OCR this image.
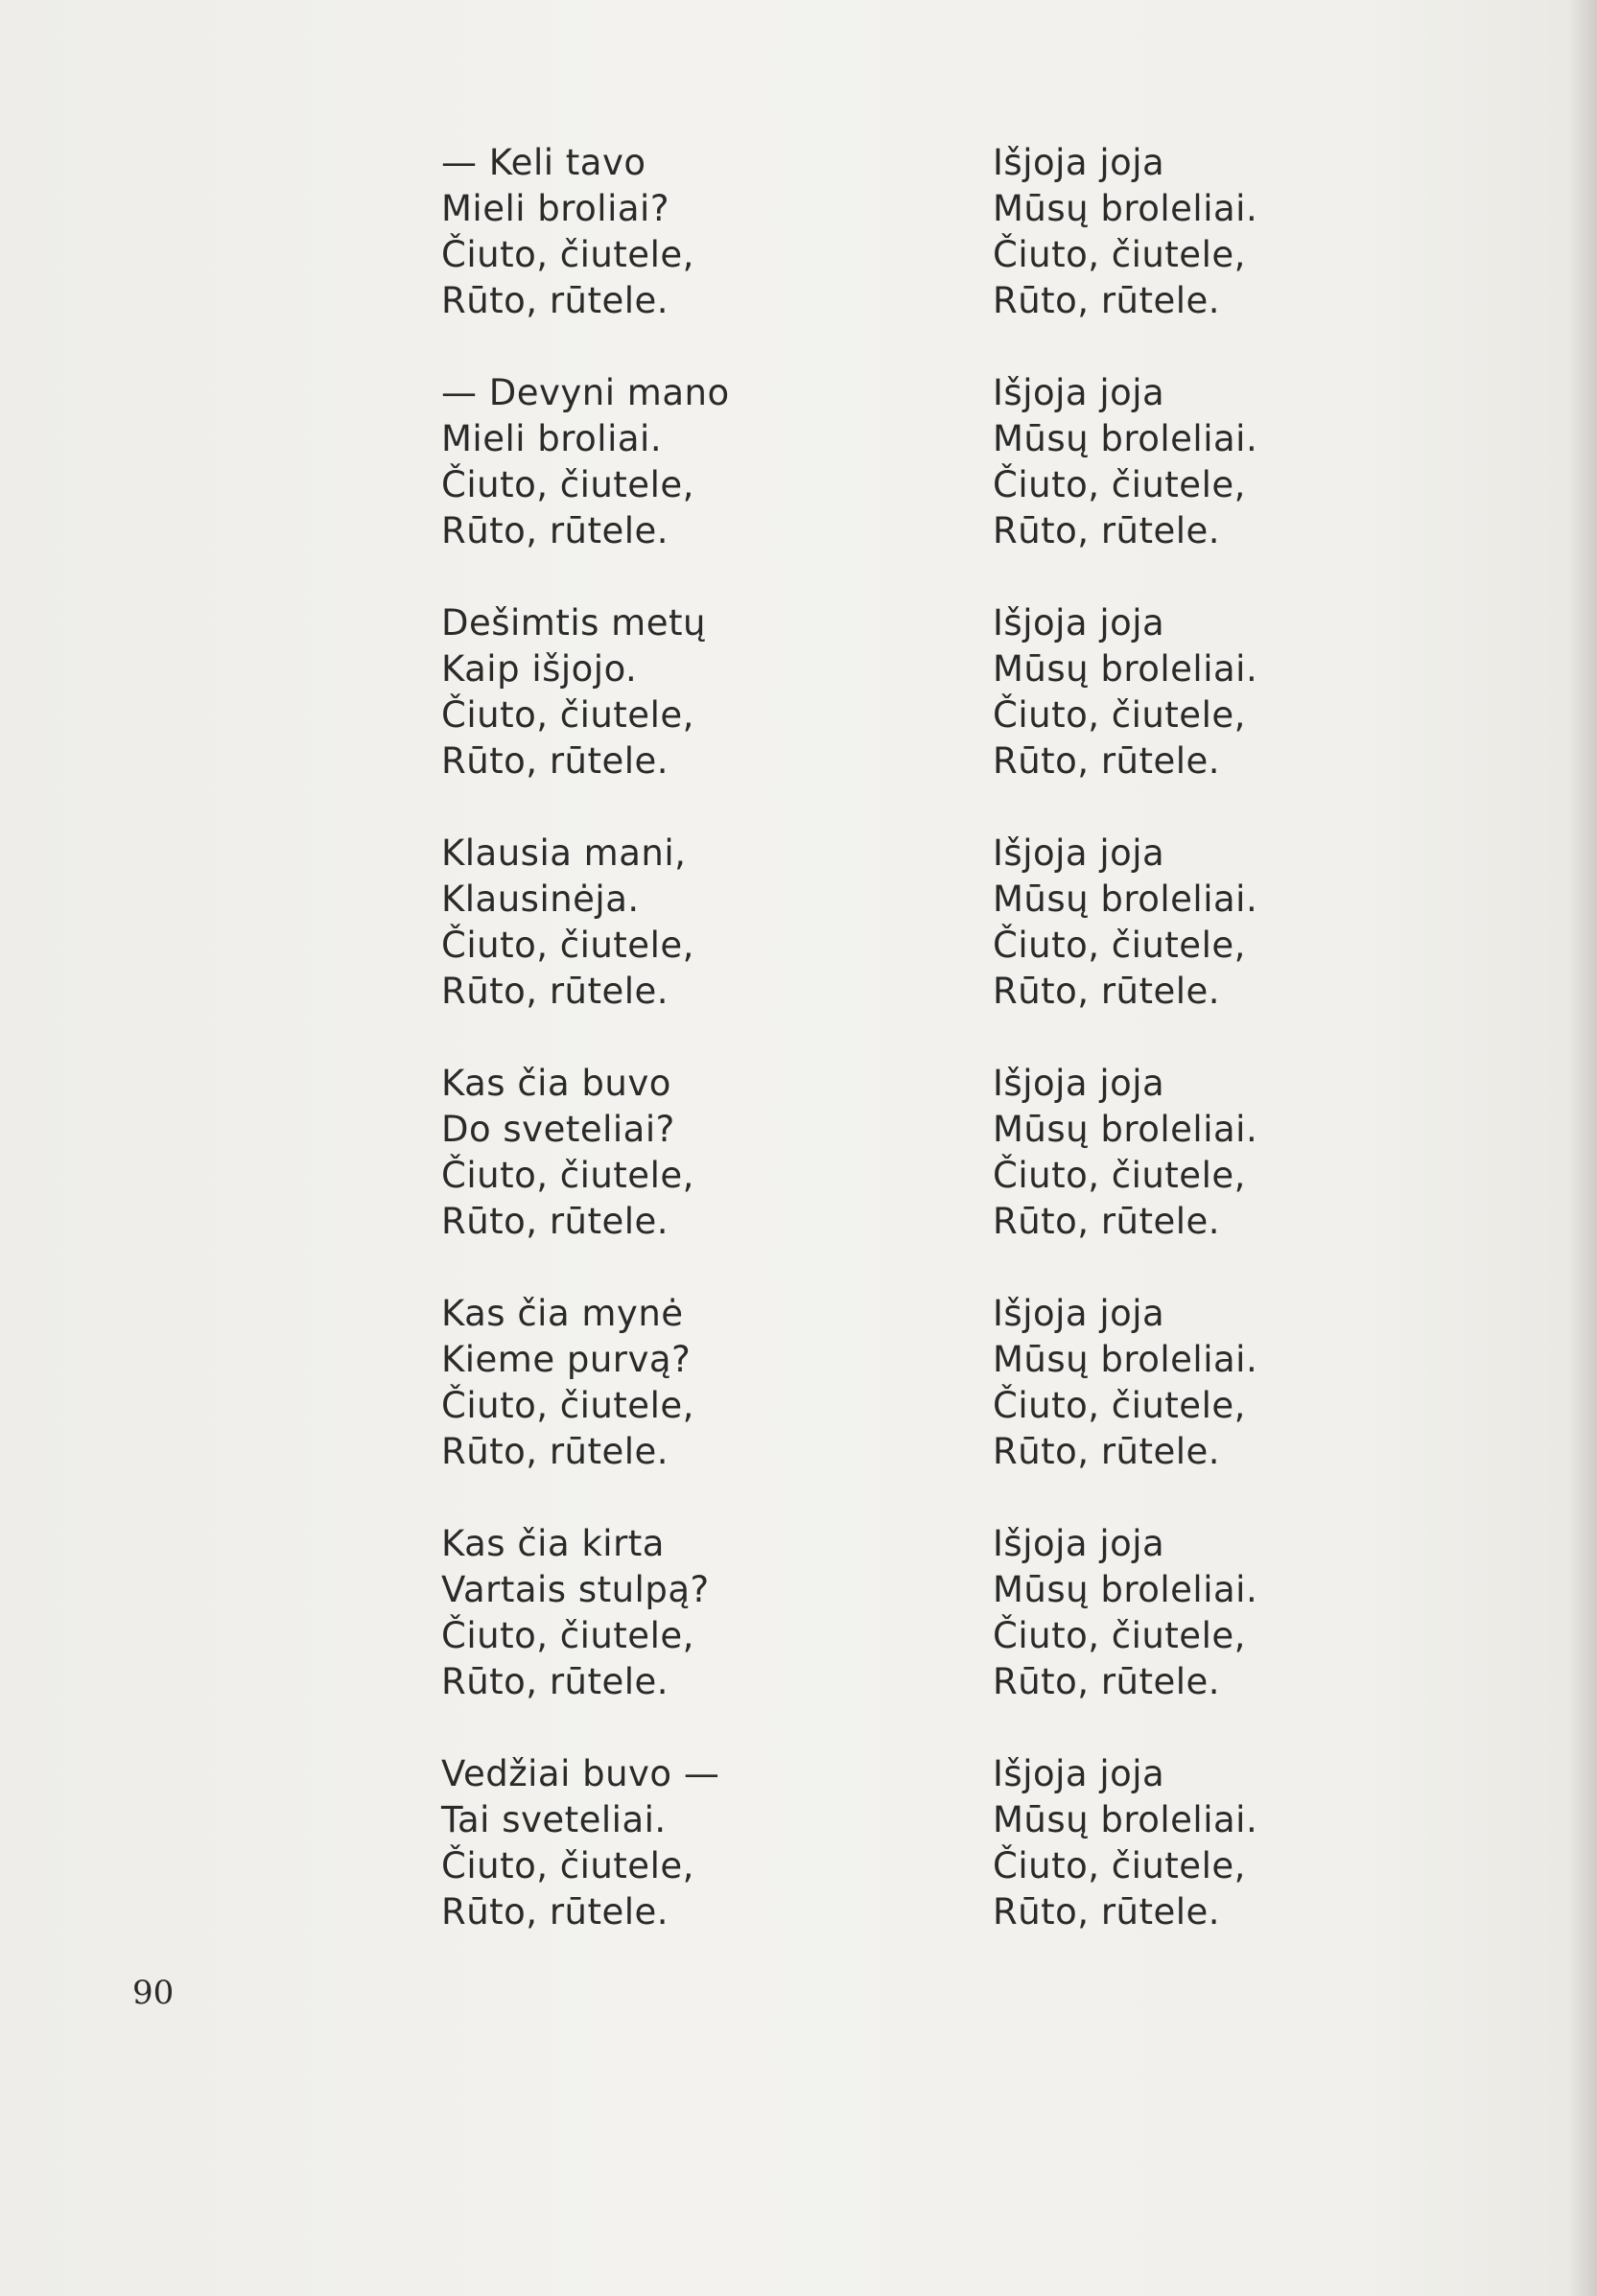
— Keli tavo
Mieli broliai?
Čiuto, čiutele,
Rūto, rūtele.
— Devyni mano
Mieli broliai.
Čiuto, čiutele,
Rūto, rūtele.
Dešimtis metų
Kaip išjojo.
Čiuto, čiutele,
Rūto, rūtele.
Klausia mani,
Klausinėja.
Čiuto, čiutele,
Rūto, rūtele.
Kas čia buvo
Do sveteliai?
Čiuto, čiutele,
Rūto, rūtele.
Kas čia mynė
Kieme purvą?
Čiuto, čiutele,
Rūto, rūtele.
Kas čia kirta
Vartais stulpą?
Čiuto, čiutele,
Rūto, rūtele.
Vedžiai buvo —
Tai sveteliai.
Čiuto, čiutele,
Rūto, rūtele.
Išjoja joja
Mūsų broleliai.
Čiuto, čiutele,
Rūto, rūtele.
Išjoja joja
Mūsų broleliai.
Čiuto, čiutele,
Rūto, rūtele.
Išjoja joja
Mūsų broleliai.
Čiuto, čiutele,
Rūto, rūtele.
Išjoja joja
Mūsų broleliai.
Čiuto, čiutele,
Rūto, rūtele.
Išjoja joja
Mūsų broleliai.
Čiuto, čiutele,
Rūto, rūtele.
Išjoja joja
Mūsų broleliai.
Čiuto, čiutele,
Rūto, rūtele.
Išjoja joja
Mūsų broleliai.
Čiuto, čiutele,
Rūto, rūtele.
Išjoja joja
Mūsų broleliai.
Čiuto, čiutele,
Rūto, rūtele.
90
